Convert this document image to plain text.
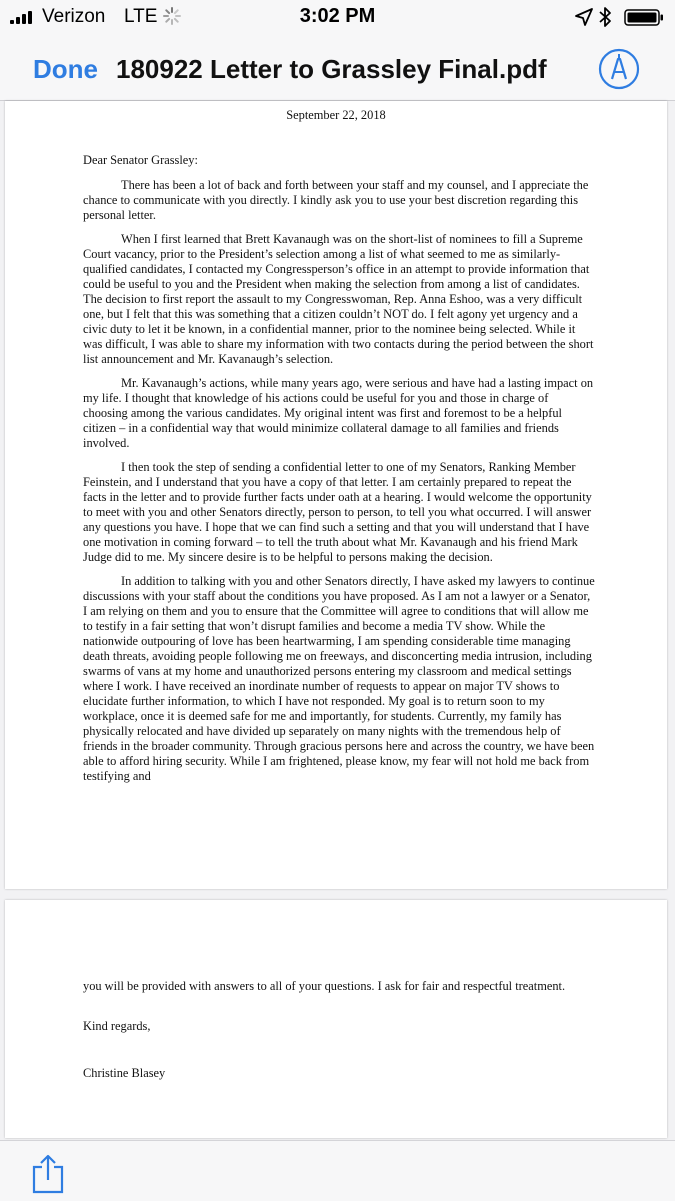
Verizon LTE	3:02 PM
Done 180922 Letter to Grassley Final.pdf
September 22, 2018
Dear Senator Grassley:

There has been a lot of back and forth between your staff and my counsel, and I appreciate the chance to communicate with you directly. I kindly ask you to use your best discretion regarding this personal letter.

When I first learned that Brett Kavanaugh was on the short-list of nominees to fill a Supreme Court vacancy, prior to the President’s selection among a list of what seemed to me as similarly-qualified candidates, I contacted my Congressperson’s office in an attempt to provide information that could be useful to you and the President when making the selection from among a list of candidates. The decision to first report the assault to my Congresswoman, Rep. Anna Eshoo, was a very difficult one, but I felt that this was something that a citizen couldn’t NOT do. I felt agony yet urgency and a civic duty to let it be known, in a confidential manner, prior to the nominee being selected. While it was difficult, I was able to share my information with two contacts during the period between the short list announcement and Mr. Kavanaugh’s selection.

Mr. Kavanaugh’s actions, while many years ago, were serious and have had a lasting impact on my life. I thought that knowledge of his actions could be useful for you and those in charge of choosing among the various candidates. My original intent was first and foremost to be a helpful citizen – in a confidential way that would minimize collateral damage to all families and friends involved.

I then took the step of sending a confidential letter to one of my Senators, Ranking Member Feinstein, and I understand that you have a copy of that letter. I am certainly prepared to repeat the facts in the letter and to provide further facts under oath at a hearing. I would welcome the opportunity to meet with you and other Senators directly, person to person, to tell you what occurred. I will answer any questions you have. I hope that we can find such a setting and that you will understand that I have one motivation in coming forward – to tell the truth about what Mr. Kavanaugh and his friend Mark Judge did to me. My sincere desire is to be helpful to persons making the decision.

In addition to talking with you and other Senators directly, I have asked my lawyers to continue discussions with your staff about the conditions you have proposed. As I am not a lawyer or a Senator, I am relying on them and you to ensure that the Committee will agree to conditions that will allow me to testify in a fair setting that won’t disrupt families and become a media TV show. While the nationwide outpouring of love has been heartwarming, I am spending considerable time managing death threats, avoiding people following me on freeways, and disconcerting media intrusion, including swarms of vans at my home and unauthorized persons entering my classroom and medical settings where I work. I have received an inordinate number of requests to appear on major TV shows to elucidate further information, to which I have not responded. My goal is to return soon to my workplace, once it is deemed safe for me and importantly, for students. Currently, my family has physically relocated and have divided up separately on many nights with the tremendous help of friends in the broader community. Through gracious persons here and across the country, we have been able to afford hiring security. While I am frightened, please know, my fear will not hold me back from testifying and

you will be provided with answers to all of your questions. I ask for fair and respectful treatment.

Kind regards,
Christine Blasey
